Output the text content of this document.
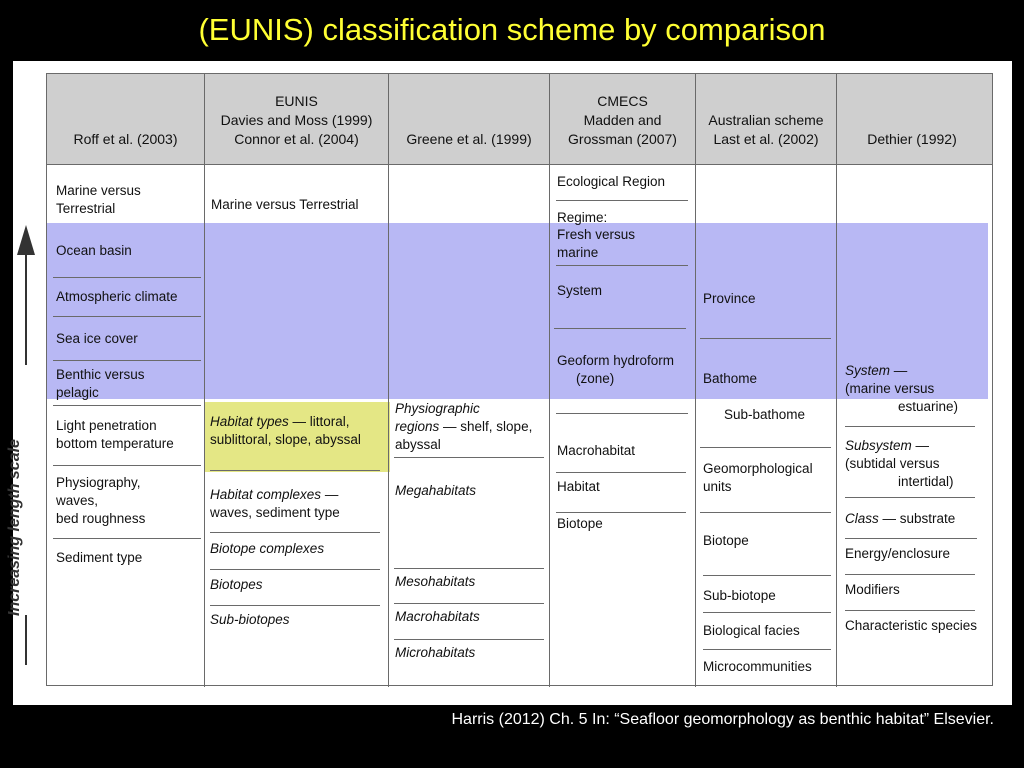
(EUNIS) classification scheme by comparison
Increasing length scale
Roff et al. (2003)
EUNIS
Davies and Moss (1999)
Connor et al. (2004)	Greene et al. (1999)
CMECS
Madden and
Grossman (2007)
Australian scheme
Last et al. (2002)	Dethier (1992)
Marine versus
Terrestrial
Ocean basin
Atmospheric climate
Sea ice cover
Benthic versus
pelagic
Light penetration
bottom temperature
Physiography,
waves,
bed roughness
Sediment type
Marine versus Terrestrial
Habitat types — littoral,
sublittoral, slope, abyssal
Habitat complexes —
waves, sediment type
Biotope complexes
Biotopes
Sub-biotopes
Physiographic
regions — shelf, slope,
abyssal
Megahabitats
Mesohabitats
Macrohabitats
Microhabitats
Ecological Region
Regime:
Fresh versus
marine
System
Geoform hydroform
(zone)
Macrohabitat
Habitat
Biotope
Province
Bathome
Sub-bathome
Geomorphological
units
Biotope
Sub-biotope
Biological facies
Microcommunities
System —
(marine versus
estuarine)
Subsystem —
(subtidal versus
intertidal)
Class — substrate
Energy/enclosure
Modifiers
Characteristic species
Harris (2012) Ch. 5 In: “Seafloor geomorphology as benthic habitat” Elsevier.
